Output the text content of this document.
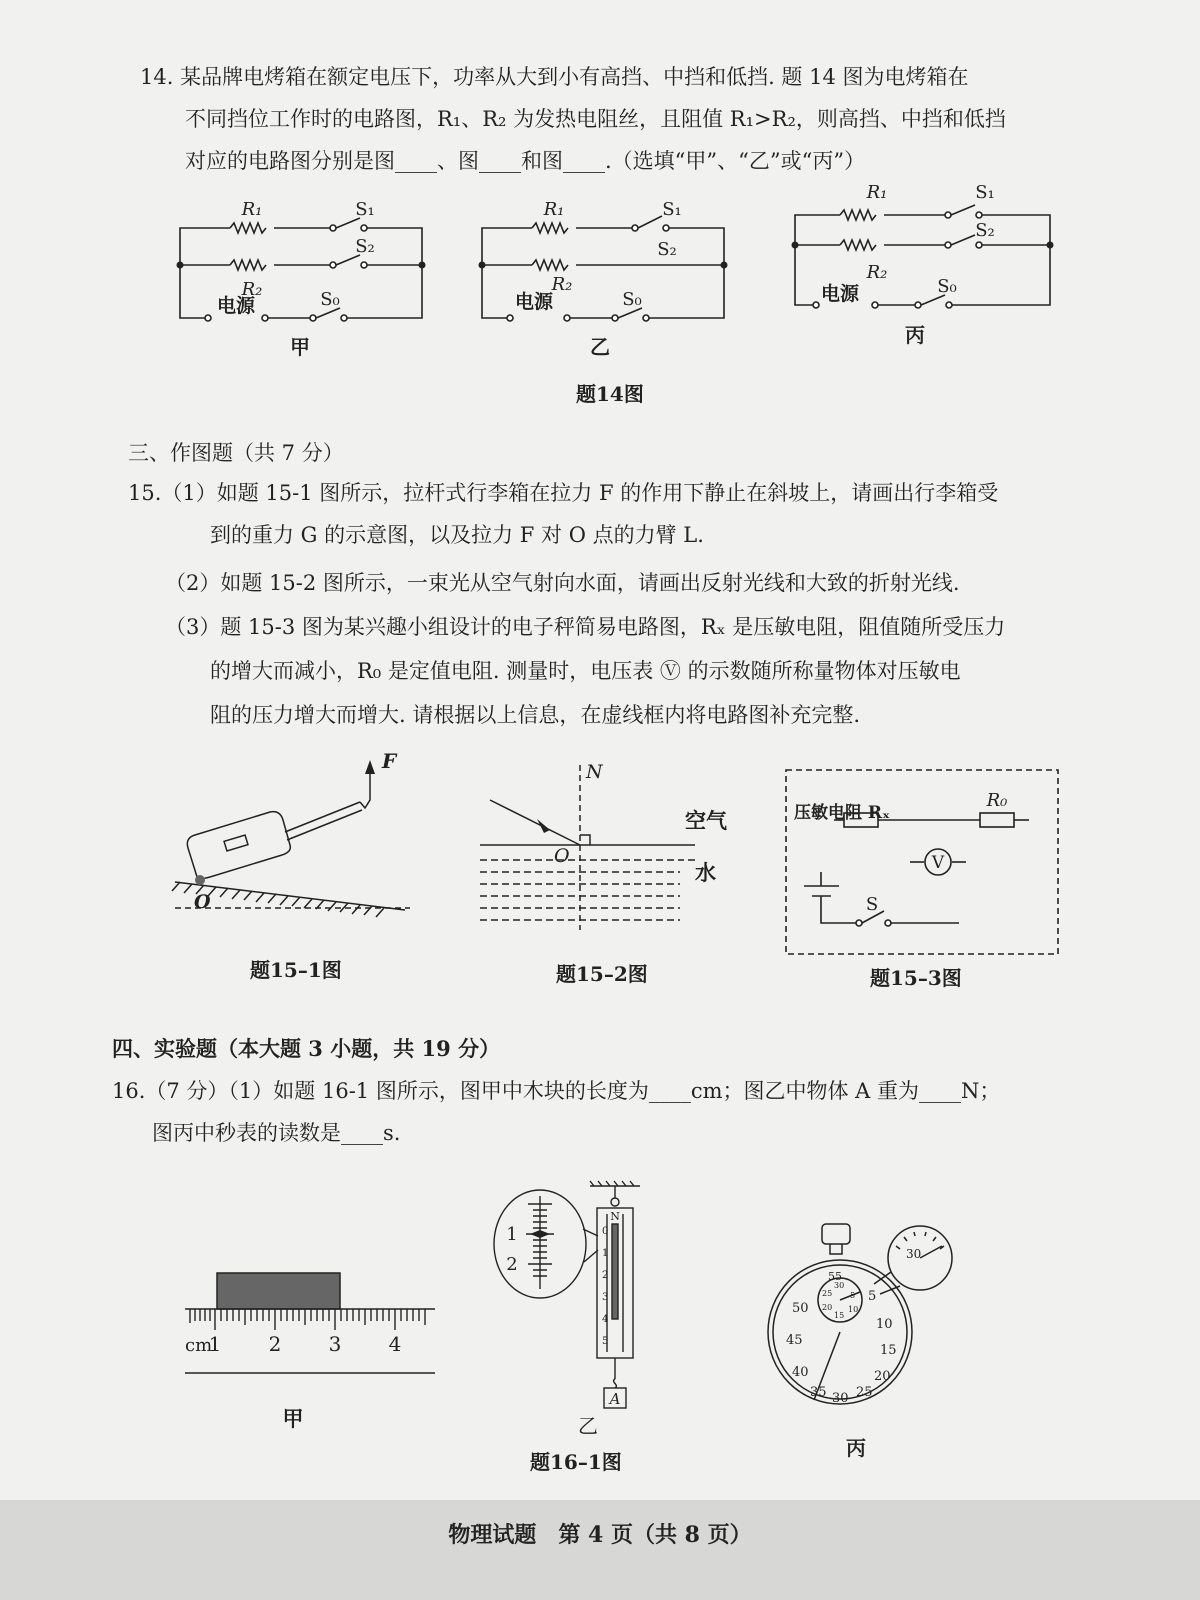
14. 某品牌电烤箱在额定电压下，功率从大到小有高挡、中挡和低挡. 题 14 图为电烤箱在
不同挡位工作时的电路图，R₁、R₂ 为发热电阻丝，且阻值 R₁>R₂，则高挡、中挡和低挡
对应的电路图分别是图____、图____和图____.（选填“甲”、“乙”或“丙”）
R₁	S₁
S₂
R₂
电源	S₀
甲
R₁	S₁
S₂
R₂
电源	S₀
乙
R₁	S₁
S₂
R₂
电源	S₀
丙
题14图
三、作图题（共 7 分）
15.（1）如题 15-1 图所示，拉杆式行李箱在拉力 F 的作用下静止在斜坡上，请画出行李箱受
到的重力 G 的示意图，以及拉力 F 对 O 点的力臂 L.
（2）如题 15-2 图所示，一束光从空气射向水面，请画出反射光线和大致的折射光线.
（3）题 15-3 图为某兴趣小组设计的电子秤简易电路图，Rₓ 是压敏电阻，阻值随所受压力
的增大而减小，R₀ 是定值电阻. 测量时，电压表 Ⓥ 的示数随所称量物体对压敏电
阻的压力增大而增大. 请根据以上信息，在虚线框内将电路图补充完整.
F
O
题15–1图
N
O
空气
水
题15–2图
压敏电阻 Rₓ
R₀
V
S
题15–3图
四、实验题（本大题 3 小题，共 19 分）
16.（7 分）（1）如题 16-1 图所示，图甲中木块的长度为____cm；图乙中物体 A 重为____N；
图丙中秒表的读数是____s.
cm
1 2 3 4
甲
1
2
N
0
1
2
3
4
5
A
乙
题16–1图
55
50
45
40
35 30 25
20
15
10
5
30
25
20
15
10
5
30
丙
物理试题　第 4 页（共 8 页）
